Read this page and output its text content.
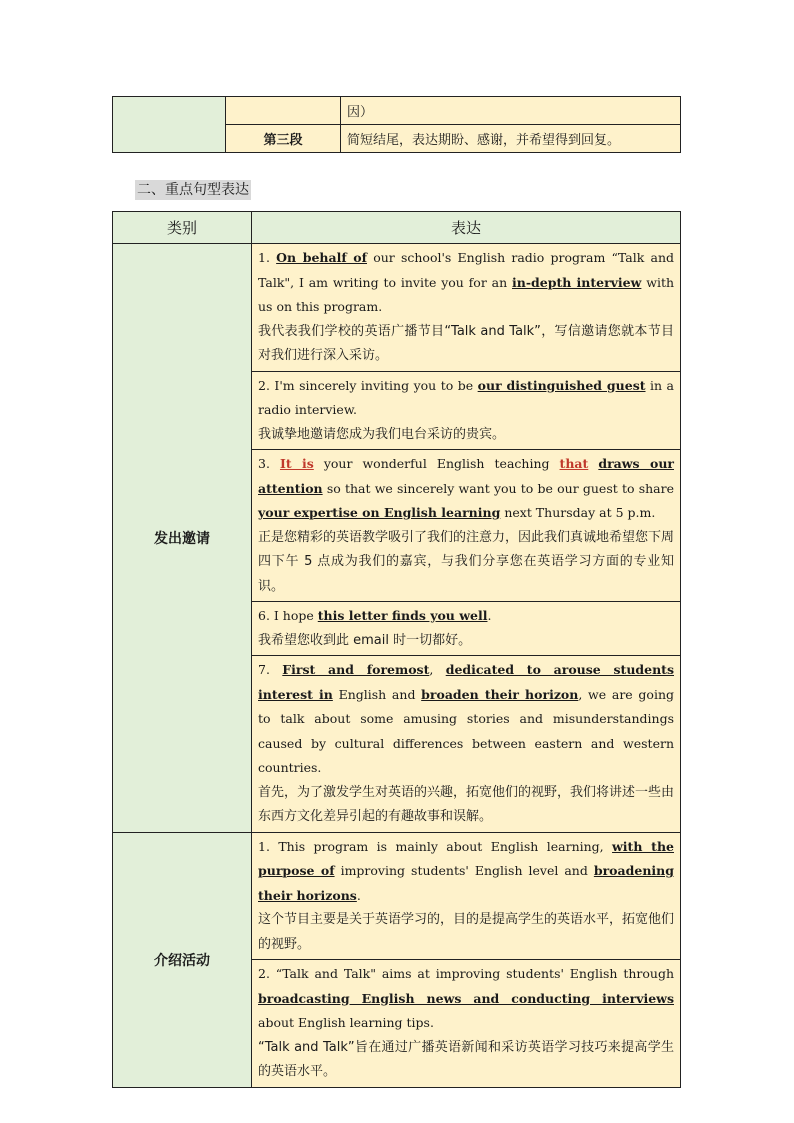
		因）
	第三段	简短结尾，表达期盼、感谢，并希望得到回复。
二、重点句型表达
类别	表达
发出邀请	1. On behalf of our school's English radio program “Talk and Talk", I am writing to invite you for an in-depth interview with us on this program.
我代表我们学校的英语广播节目“Talk and Talk”，写信邀请您就本节目对我们进行深入采访。

	2. I'm sincerely inviting you to be our distinguished guest in a radio interview.
我诚挚地邀请您成为我们电台采访的贵宾。

	3. It is your wonderful English teaching that draws our attention so that we sincerely want you to be our guest to share your expertise on English learning next Thursday at 5 p.m.
正是您精彩的英语教学吸引了我们的注意力，因此我们真诚地希望您下周四下午 5 点成为我们的嘉宾，与我们分享您在英语学习方面的专业知识。

	6. I hope this letter finds you well.
我希望您收到此 email 时一切都好。

	7. First and foremost, dedicated to arouse students interest in English and broaden their horizon, we are going to talk about some amusing stories and misunderstandings caused by cultural differences between eastern and western countries.
首先，为了激发学生对英语的兴趣，拓宽他们的视野，我们将讲述一些由东西方文化差异引起的有趣故事和误解。

介绍活动	1. This program is mainly about English learning, with the purpose of improving students' English level and broadening their horizons.
这个节目主要是关于英语学习的，目的是提高学生的英语水平，拓宽他们的视野。

	2. “Talk and Talk" aims at improving students' English through broadcasting English news and conducting interviews about English learning tips.
“Talk and Talk”旨在通过广播英语新闻和采访英语学习技巧来提高学生的英语水平。
